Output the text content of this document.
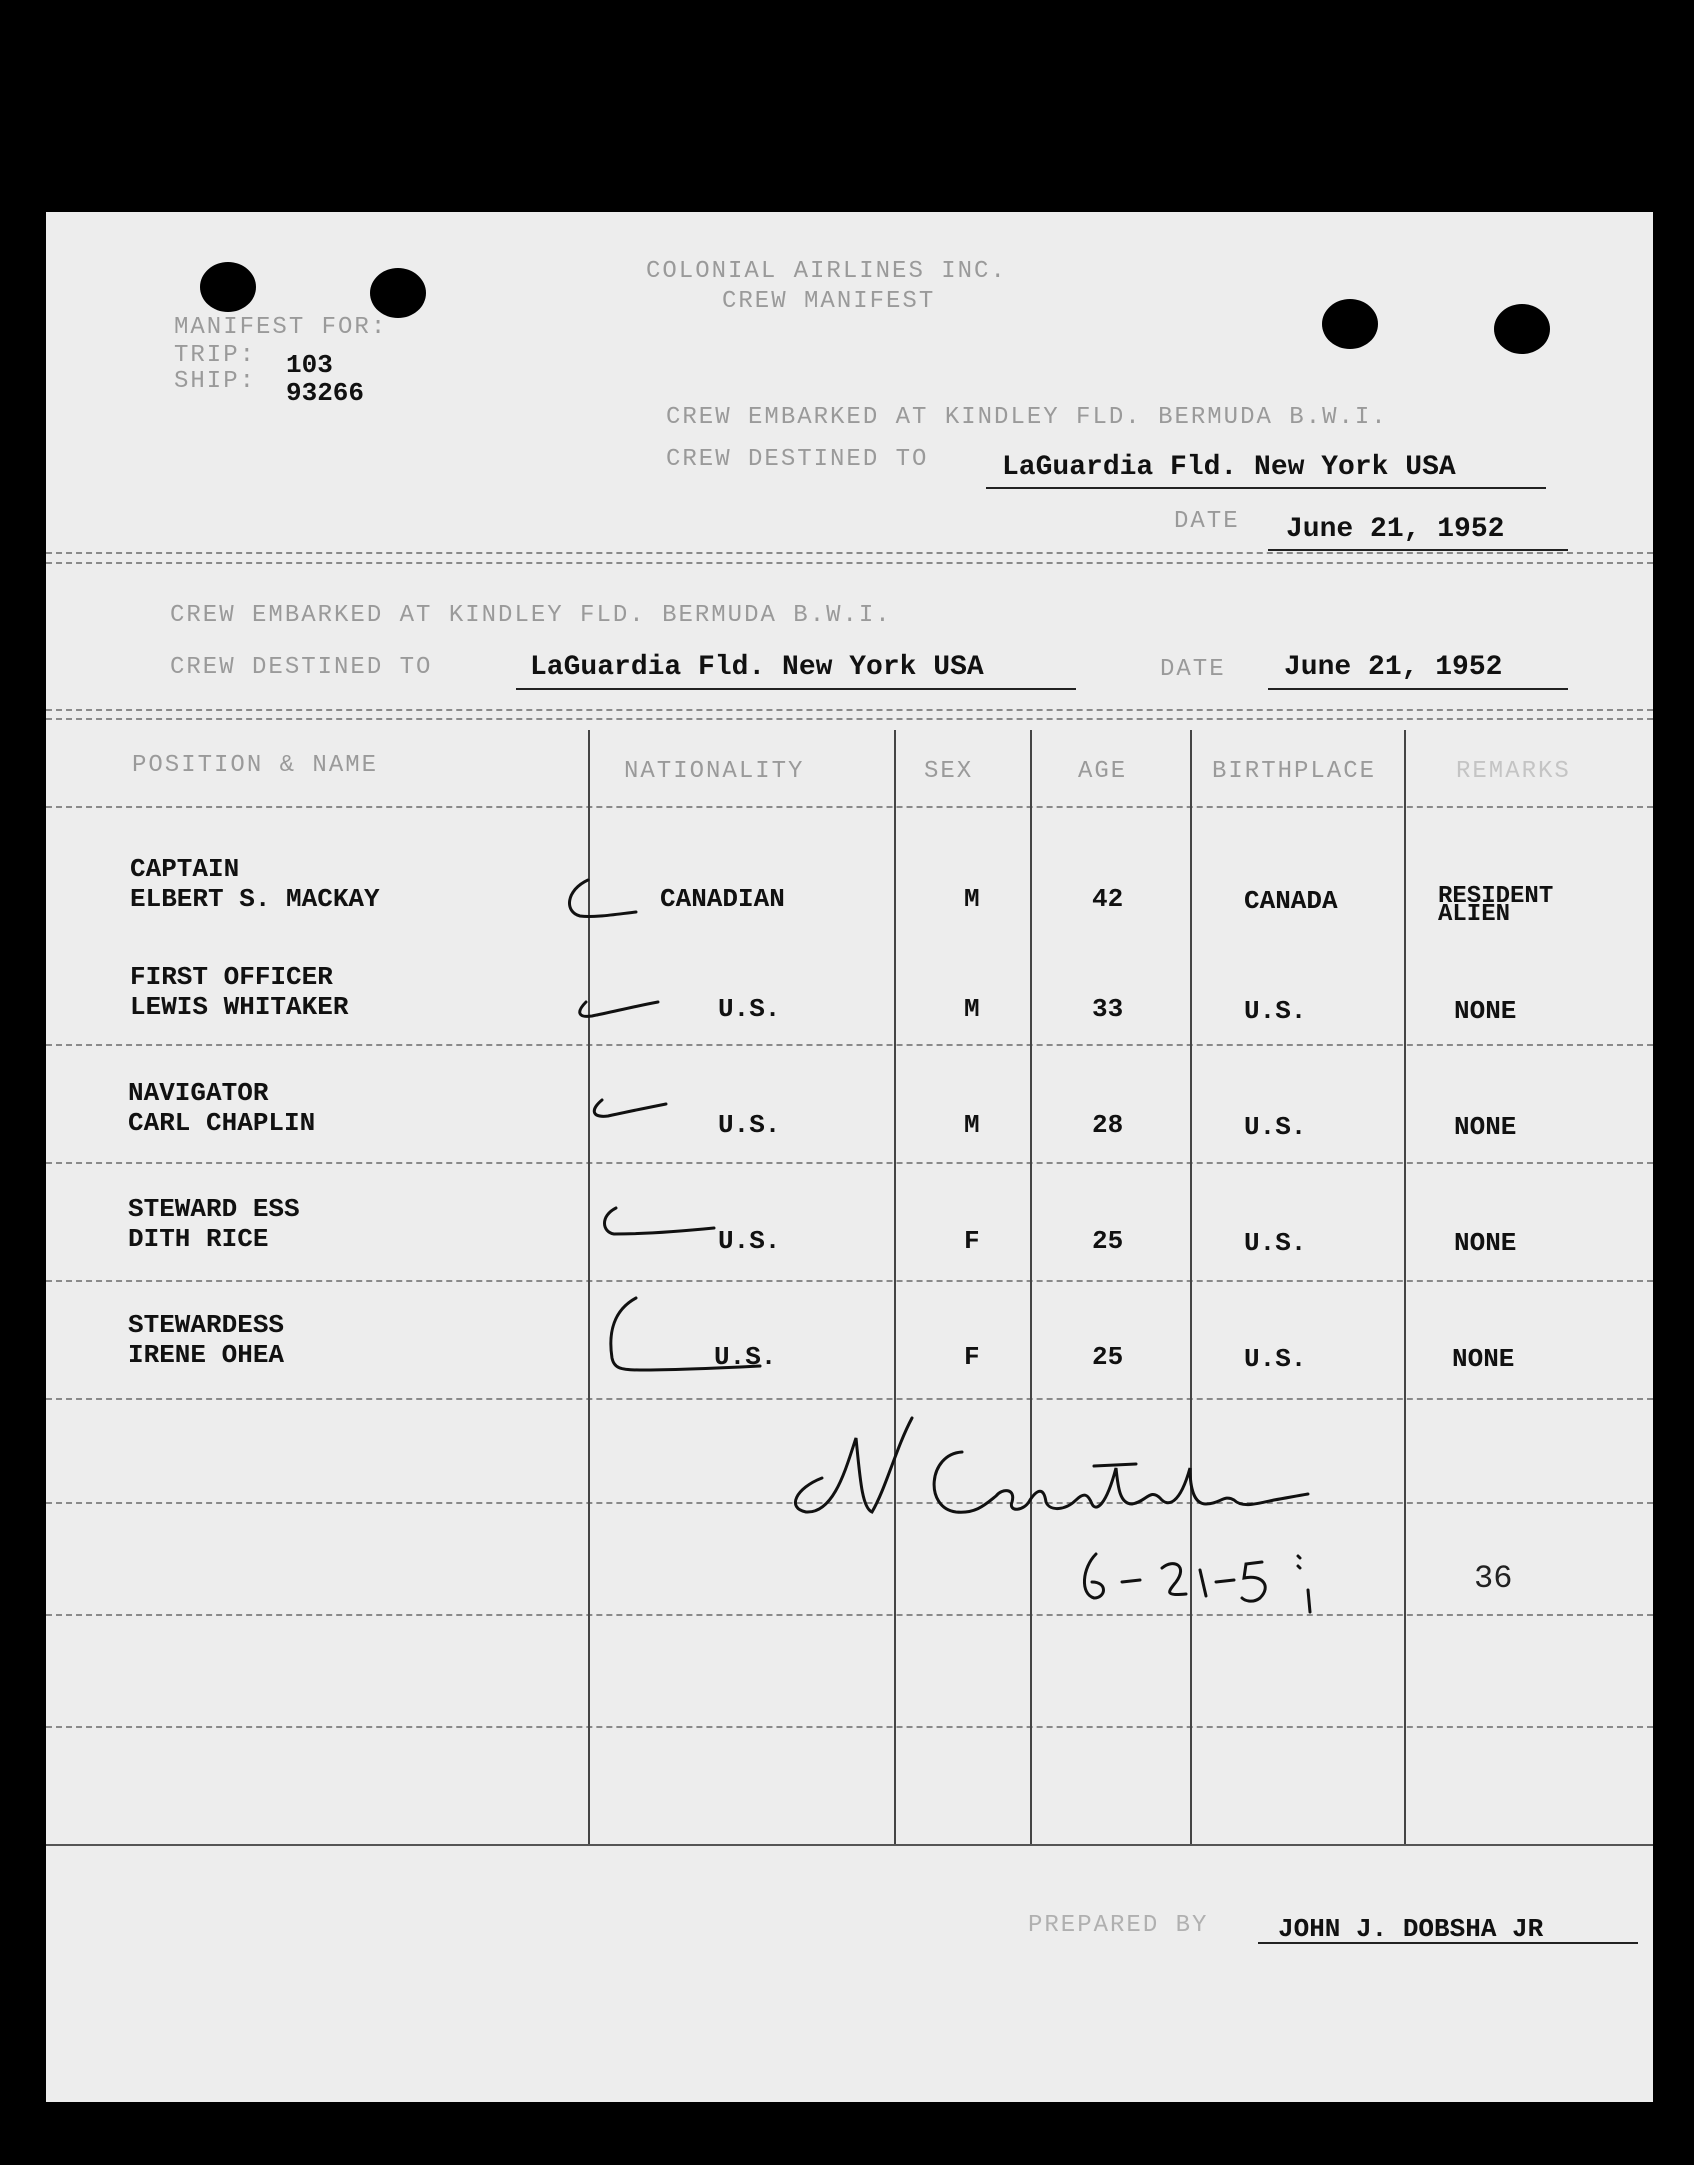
COLONIAL AIRLINES INC.
CREW MANIFEST
MANIFEST FOR:
TRIP:
SHIP:
103
93266
CREW EMBARKED AT KINDLEY FLD. BERMUDA B.W.I.
CREW DESTINED TO	LaGuardia Fld. New York USA
DATE June 21, 1952
CREW EMBARKED AT KINDLEY FLD. BERMUDA B.W.I.
CREW DESTINED TO	LaGuardia Fld. New York USA	DATE June 21, 1952
POSITION & NAME	NATIONALITY	SEX	AGE	BIRTHPLACE	REMARKS
CAPTAIN
ELBERT S. MACKAY	CANADIAN	M	42	CANADA	RESIDENT ALIEN
FIRST OFFICER
LEWIS WHITAKER	U.S.	M	33	U.S.	NONE
NAVIGATOR
CARL CHAPLIN	U.S.	M	28	U.S.	NONE
STEWARD ESS
DITH RICE	U.S.	F	25	U.S.	NONE
STEWARDESS
IRENE OHEA	U.S.	F	25	U.S.	NONE
36
PREPARED BY	JOHN J. DOBSHA JR
